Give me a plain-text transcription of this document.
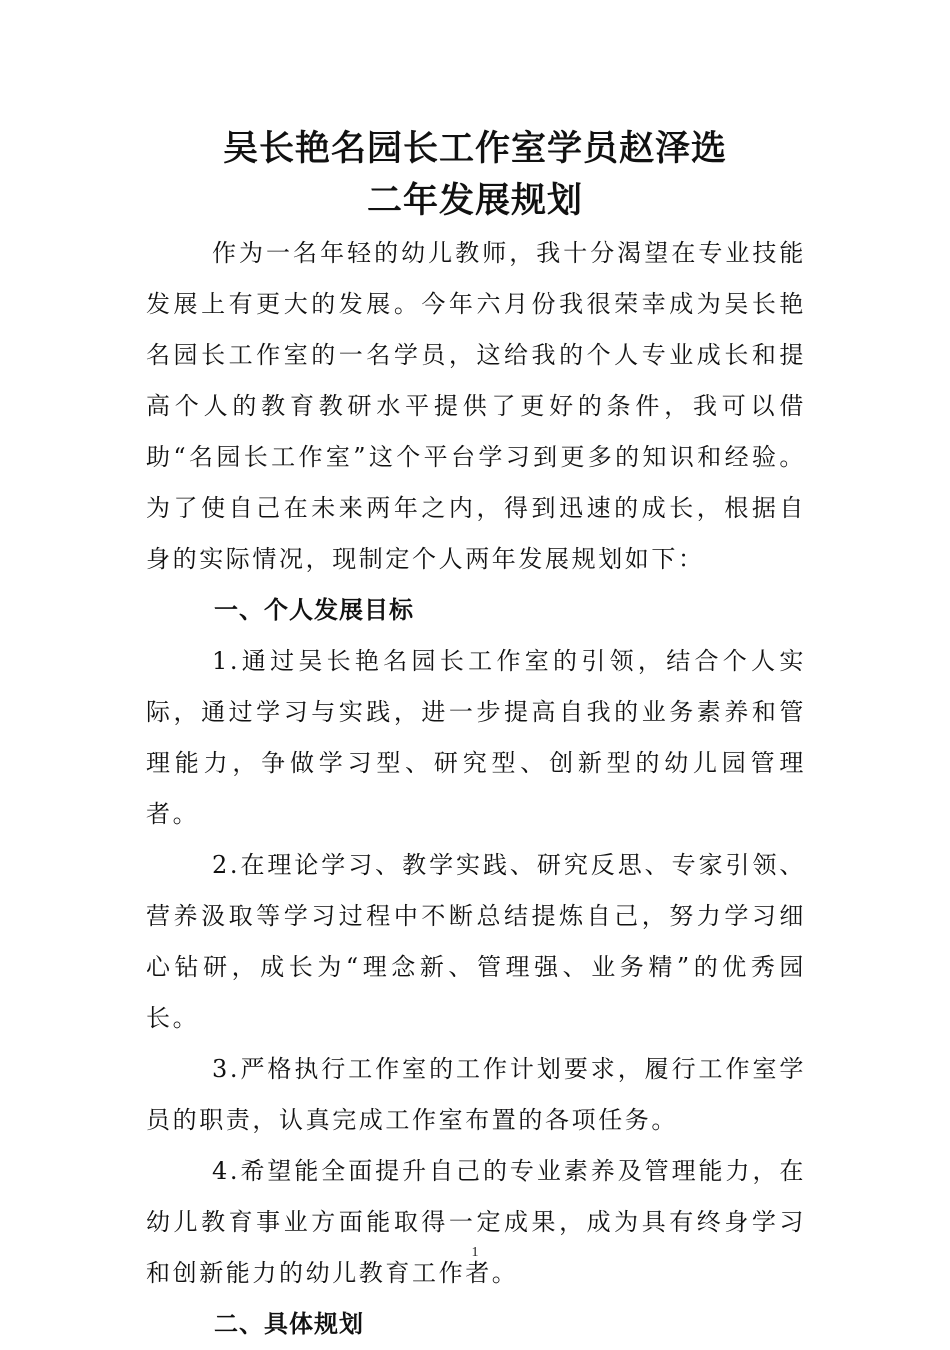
吴长艳名园长工作室学员赵泽选
二年发展规划

作为一名年轻的幼儿教师，我十分渴望在专业技能发展上有更大的发展。今年六月份我很荣幸成为吴长艳名园长工作室的一名学员，这给我的个人专业成长和提高个人的教育教研水平提供了更好的条件，我可以借助“名园长工作室”这个平台学习到更多的知识和经验。为了使自己在未来两年之内，得到迅速的成长，根据自身的实际情况，现制定个人两年发展规划如下：

一、个人发展目标

1.通过吴长艳名园长工作室的引领，结合个人实际，通过学习与实践，进一步提高自我的业务素养和管理能力，争做学习型、研究型、创新型的幼儿园管理者。

2.在理论学习、教学实践、研究反思、专家引领、营养汲取等学习过程中不断总结提炼自己，努力学习细心钻研，成长为“理念新、管理强、业务精”的优秀园长。

3.严格执行工作室的工作计划要求，履行工作室学员的职责，认真完成工作室布置的各项任务。

4.希望能全面提升自己的专业素养及管理能力，在幼儿教育事业方面能取得一定成果，成为具有终身学习和创新能力的幼儿教育工作者。

二、具体规划
1
